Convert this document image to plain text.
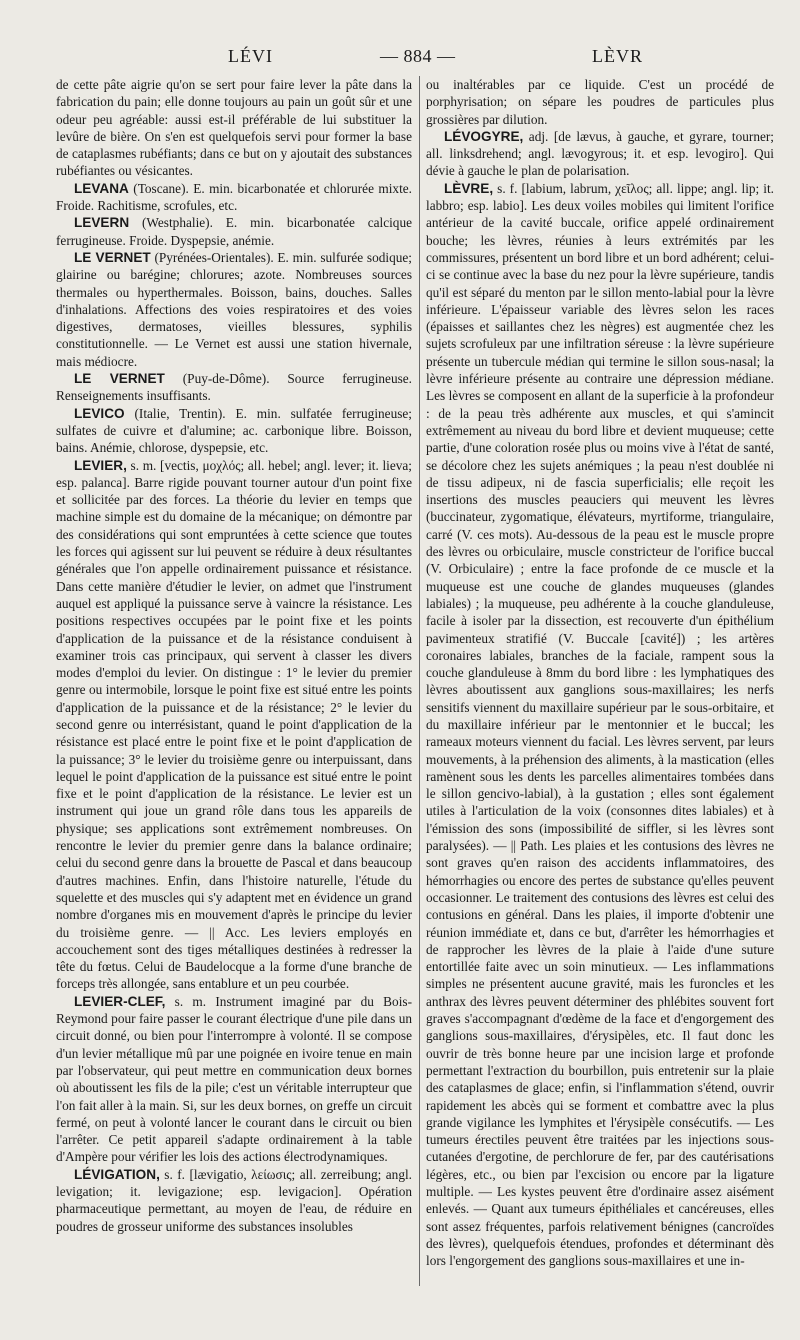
LÉVI	— 884 —	LÈVR

de cette pâte aigrie qu'on se sert pour faire lever la pâte dans la fabrication du pain; elle donne toujours au pain un goût sûr et une odeur peu agréable: aussi est-il préférable de lui substituer la levûre de bière. On s'en est quelquefois servi pour former la base de cataplasmes rubéfiants; dans ce but on y ajoutait des substances rubéfiantes ou vésicantes.

LEVANA (Toscane). E. min. bicarbonatée et chlorurée mixte. Froide. Rachitisme, scrofules, etc.

LEVERN (Westphalie). E. min. bicarbonatée calcique ferrugineuse. Froide. Dyspepsie, anémie.

LE VERNET (Pyrénées-Orientales). E. min. sulfurée sodique; glairine ou barégine; chlorures; azote. Nombreuses sources thermales ou hyperthermales. Boisson, bains, douches. Salles d'inhalations. Affections des voies respiratoires et des voies digestives, dermatoses, vieilles blessures, syphilis constitutionnelle. — Le Vernet est aussi une station hivernale, mais médiocre.

LE VERNET (Puy-de-Dôme). Source ferrugineuse. Renseignements insuffisants.

LEVICO (Italie, Trentin). E. min. sulfatée ferrugineuse; sulfates de cuivre et d'alumine; ac. carbonique libre. Boisson, bains. Anémie, chlorose, dyspepsie, etc.

LEVIER, s. m. [vectis, μοχλός; all. hebel; angl. lever; it. lieva; esp. palanca]. Barre rigide pouvant tourner autour d'un point fixe et sollicitée par des forces. La théorie du levier en temps que machine simple est du domaine de la mécanique; on démontre par des considérations qui sont empruntées à cette science que toutes les forces qui agissent sur lui peuvent se réduire à deux résultantes générales que l'on appelle ordinairement puissance et résistance. Dans cette manière d'étudier le levier, on admet que l'instrument auquel est appliqué la puissance serve à vaincre la résistance. Les positions respectives occupées par le point fixe et les points d'application de la puissance et de la résistance conduisent à examiner trois cas principaux, qui servent à classer les divers modes d'emploi du levier. On distingue : 1° le levier du premier genre ou intermobile, lorsque le point fixe est situé entre les points d'application de la puissance et de la résistance; 2° le levier du second genre ou interrésistant, quand le point d'application de la résistance est placé entre le point fixe et le point d'application de la puissance; 3° le levier du troisième genre ou interpuissant, dans lequel le point d'application de la puissance est situé entre le point fixe et le point d'application de la résistance. Le levier est un instrument qui joue un grand rôle dans tous les appareils de physique; ses applications sont extrêmement nombreuses. On rencontre le levier du premier genre dans la balance ordinaire; celui du second genre dans la brouette de Pascal et dans beaucoup d'autres machines. Enfin, dans l'histoire naturelle, l'étude du squelette et des muscles qui s'y adaptent met en évidence un grand nombre d'organes mis en mouvement d'après le principe du levier du troisième genre. — || Acc. Les leviers employés en accouchement sont des tiges métalliques destinées à redresser la tête du fœtus. Celui de Baudelocque a la forme d'une branche de forceps très allongée, sans entablure et un peu courbée.

LEVIER-CLEF, s. m. Instrument imaginé par du Bois-Reymond pour faire passer le courant électrique d'une pile dans un circuit donné, ou bien pour l'interrompre à volonté. Il se compose d'un levier métallique mû par une poignée en ivoire tenue en main par l'observateur, qui peut mettre en communication deux bornes où aboutissent les fils de la pile; c'est un véritable interrupteur que l'on fait aller à la main. Si, sur les deux bornes, on greffe un circuit fermé, on peut à volonté lancer le courant dans le circuit ou bien l'arrêter. Ce petit appareil s'adapte ordinairement à la table d'Ampère pour vérifier les lois des actions électrodynamiques.

LÉVIGATION, s. f. [lævigatio, λείωσις; all. zerreibung; angl. levigation; it. levigazione; esp. levigacion]. Opération pharmaceutique permettant, au moyen de l'eau, de réduire en poudres de grosseur uniforme des substances insolubles

ou inaltérables par ce liquide. C'est un procédé de porphyrisation; on sépare les poudres de particules plus grossières par dilution.

LÉVOGYRE, adj. [de lævus, à gauche, et gyrare, tourner; all. linksdrehend; angl. lævogyrous; it. et esp. levogiro]. Qui dévie à gauche le plan de polarisation.

LÈVRE, s. f. [labium, labrum, χεῖλος; all. lippe; angl. lip; it. labbro; esp. labio]. Les deux voiles mobiles qui limitent l'orifice antérieur de la cavité buccale, orifice appelé ordinairement bouche; les lèvres, réunies à leurs extrémités par les commissures, présentent un bord libre et un bord adhérent; celui-ci se continue avec la base du nez pour la lèvre supérieure, tandis qu'il est séparé du menton par le sillon mento-labial pour la lèvre inférieure. L'épaisseur variable des lèvres selon les races (épaisses et saillantes chez les nègres) est augmentée chez les sujets scrofuleux par une infiltration séreuse : la lèvre supérieure présente un tubercule médian qui termine le sillon sous-nasal; la lèvre inférieure présente au contraire une dépression médiane. Les lèvres se composent en allant de la superficie à la profondeur : de la peau très adhérente aux muscles, et qui s'amincit extrêmement au niveau du bord libre et devient muqueuse; cette partie, d'une coloration rosée plus ou moins vive à l'état de santé, se décolore chez les sujets anémiques ; la peau n'est doublée ni de tissu adipeux, ni de fascia superficialis; elle reçoit les insertions des muscles peauciers qui meuvent les lèvres (buccinateur, zygomatique, élévateurs, myrtiforme, triangulaire, carré (V. ces mots). Au-dessous de la peau est le muscle propre des lèvres ou orbiculaire, muscle constricteur de l'orifice buccal (V. Orbiculaire) ; entre la face profonde de ce muscle et la muqueuse est une couche de glandes muqueuses (glandes labiales) ; la muqueuse, peu adhérente à la couche glanduleuse, facile à isoler par la dissection, est recouverte d'un épithélium pavimenteux stratifié (V. Buccale [cavité]) ; les artères coronaires labiales, branches de la faciale, rampent sous la couche glanduleuse à 8mm du bord libre : les lymphatiques des lèvres aboutissent aux ganglions sous-maxillaires; les nerfs sensitifs viennent du maxillaire supérieur par le sous-orbitaire, et du maxillaire inférieur par le mentonnier et le buccal; les rameaux moteurs viennent du facial. Les lèvres servent, par leurs mouvements, à la préhension des aliments, à la mastication (elles ramènent sous les dents les parcelles alimentaires tombées dans le sillon gencivo-labial), à la gustation ; elles sont également utiles à l'articulation de la voix (consonnes dites labiales) et à l'émission des sons (impossibilité de siffler, si les lèvres sont paralysées). — || Path. Les plaies et les contusions des lèvres ne sont graves qu'en raison des accidents inflammatoires, des hémorrhagies ou encore des pertes de substance qu'elles peuvent occasionner. Le traitement des contusions des lèvres est celui des contusions en général. Dans les plaies, il importe d'obtenir une réunion immédiate et, dans ce but, d'arrêter les hémorrhagies et de rapprocher les lèvres de la plaie à l'aide d'une suture entortillée faite avec un soin minutieux. — Les inflammations simples ne présentent aucune gravité, mais les furoncles et les anthrax des lèvres peuvent déterminer des phlébites souvent fort graves s'accompagnant d'œdème de la face et d'engorgement des ganglions sous-maxillaires, d'érysipèles, etc. Il faut donc les ouvrir de très bonne heure par une incision large et profonde permettant l'extraction du bourbillon, puis entretenir sur la plaie des cataplasmes de glace; enfin, si l'inflammation s'étend, ouvrir rapidement les abcès qui se forment et combattre avec la plus grande vigilance les lymphites et l'érysipèle consécutifs. — Les tumeurs érectiles peuvent être traitées par les injections sous-cutanées d'ergotine, de perchlorure de fer, par des cautérisations légères, etc., ou bien par l'excision ou encore par la ligature multiple. — Les kystes peuvent être d'ordinaire assez aisément enlevés. — Quant aux tumeurs épithéliales et cancéreuses, elles sont assez fréquentes, parfois relativement bénignes (cancroïdes des lèvres), quelquefois étendues, profondes et déterminant dès lors l'engorgement des ganglions sous-maxillaires et une in-
